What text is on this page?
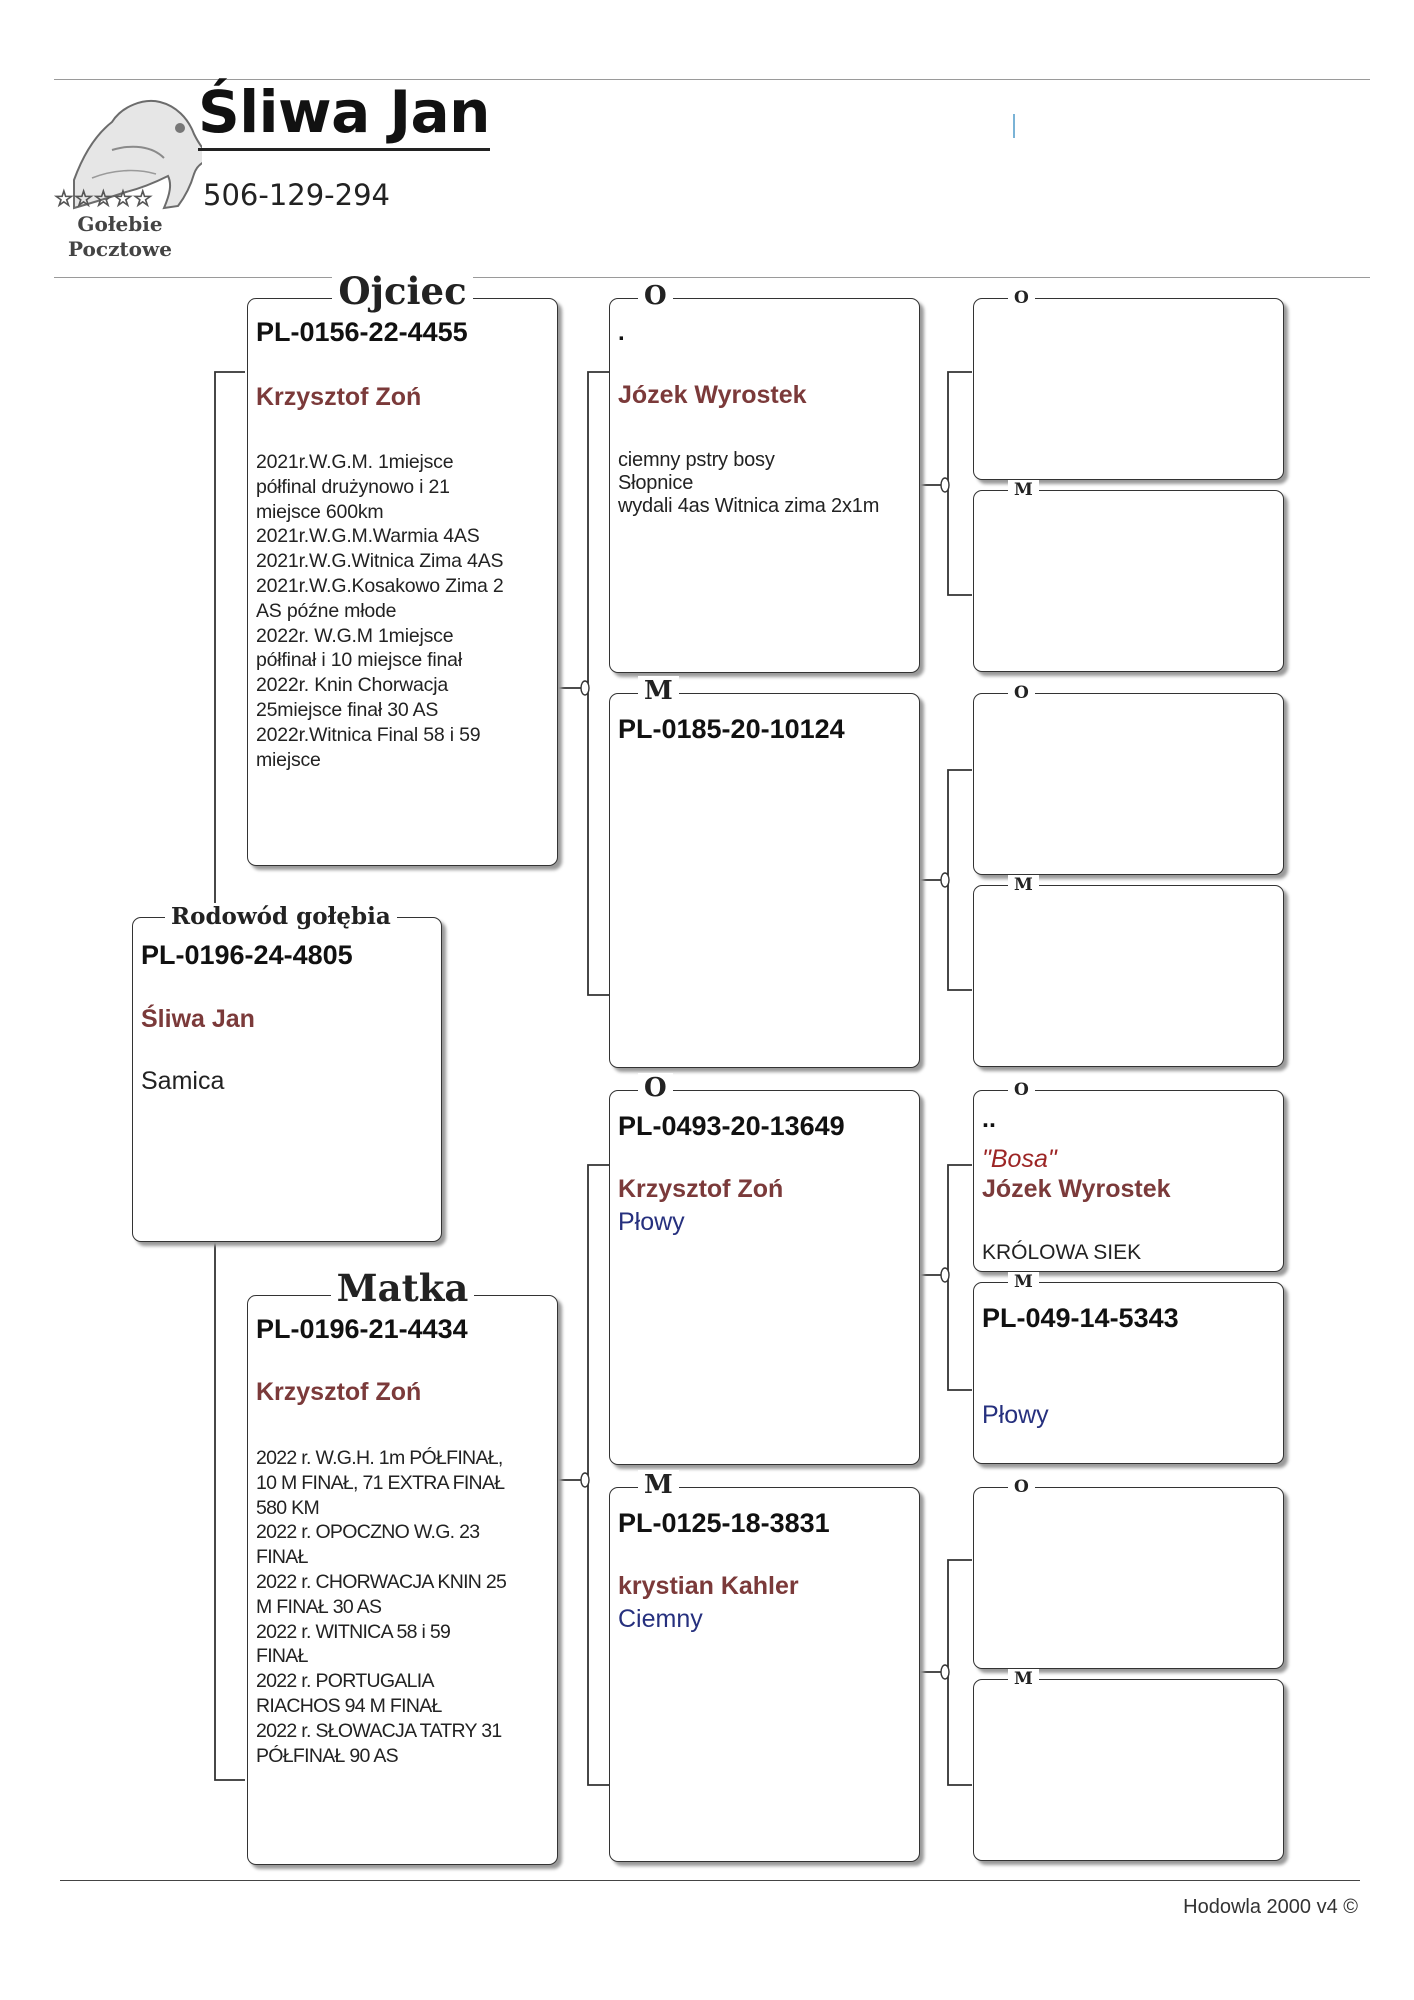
☆☆☆☆☆
Gołebie
Pocztowe
Śliwa Jan
506-129-294
Rodowód gołębia
PL-0196-24-4805
Śliwa Jan
Samica
Ojciec
PL-0156-22-4455
Krzysztof Zoń
2021r.W.G.M. 1miejsce
półfinal drużynowo i 21
miejsce 600km
2021r.W.G.M.Warmia 4AS
2021r.W.G.Witnica Zima 4AS
2021r.W.G.Kosakowo Zima 2
AS późne młode
2022r. W.G.M 1miejsce
półfinał i 10 miejsce finał
2022r. Knin Chorwacja
25miejsce finał 30 AS
2022r.Witnica Final 58 i 59
miejsce
Matka
PL-0196-21-4434
Krzysztof Zoń
2022 r. W.G.H. 1m PÓŁFINAŁ,
10 M FINAŁ, 71 EXTRA FINAŁ
580 KM
2022 r. OPOCZNO W.G. 23
FINAŁ
2022 r. CHORWACJA KNIN 25
M FINAŁ 30 AS
2022 r. WITNICA 58 i 59
FINAŁ
2022 r. PORTUGALIA
RIACHOS 94 M FINAŁ
2022 r. SŁOWACJA TATRY 31
PÓŁFINAŁ 90 AS
O
.
Józek Wyrostek
ciemny pstry bosy
Słopnice
wydali 4as Witnica zima 2x1m
M
PL-0185-20-10124
O
PL-0493-20-13649
Krzysztof Zoń
Płowy
M
PL-0125-18-3831
krystian Kahler
Ciemny
O
M
O
M
O
..
"Bosa"
Józek Wyrostek
KRÓLOWA SIEK
M
PL-049-14-5343
Płowy
O
M
Hodowla 2000 v4 ©
